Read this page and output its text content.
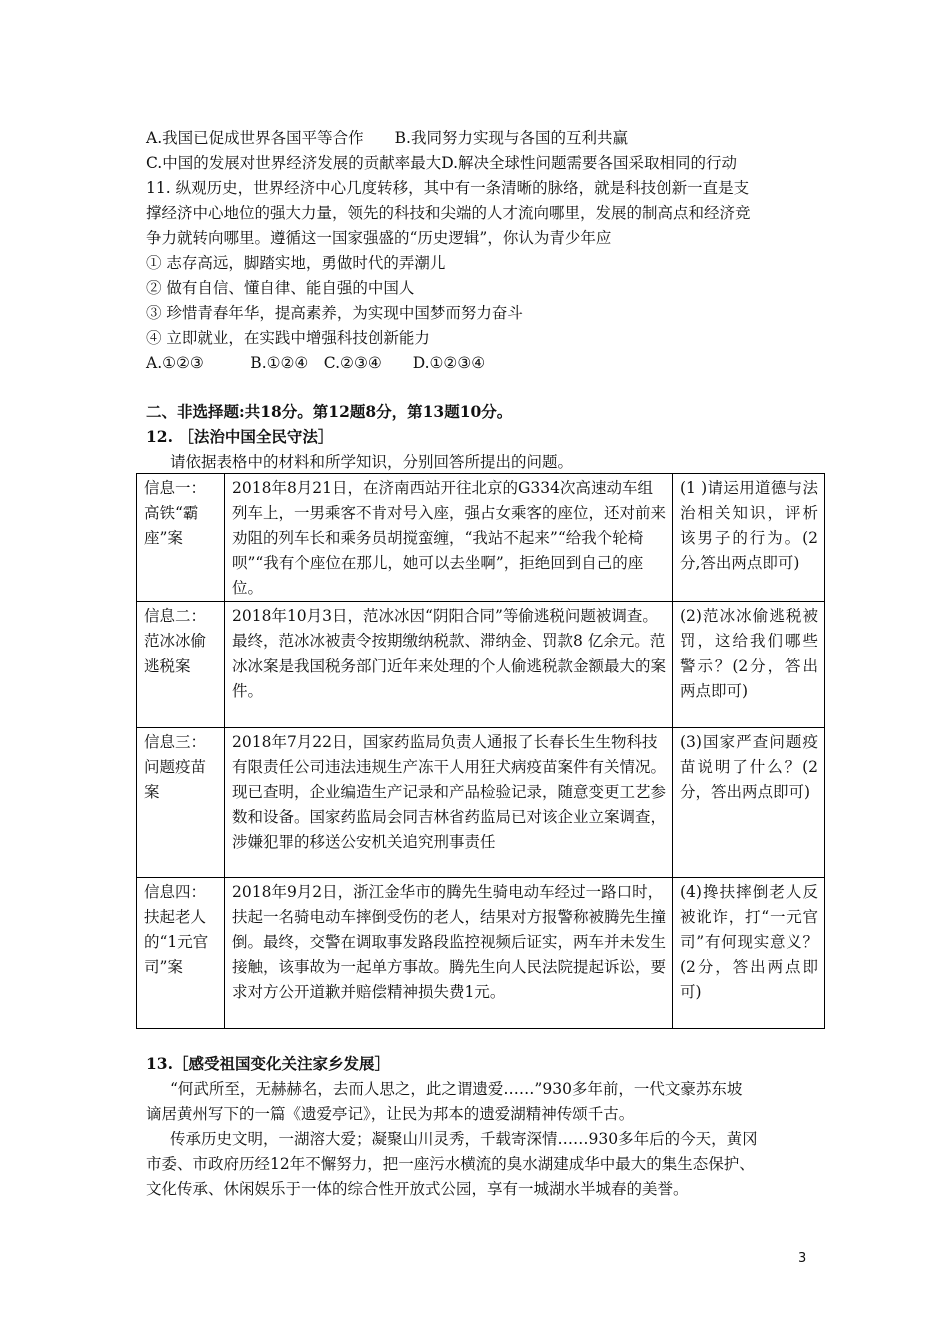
A.我国已促成世界各国平等合作　　B.我同努力实现与各国的互利共赢
C.中国的发展对世界经济发展的贡献率最大D.解决全球性问题需要各国采取相同的行动
11. 纵观历史，世界经济中心几度转移，其中有一条清晰的脉络，就是科技创新一直是支
撑经济中心地位的强大力量，领先的科技和尖端的人才流向哪里，发展的制高点和经济竞
争力就转向哪里。遵循这一国家强盛的“历史逻辑”，你认为青少年应
① 志存高远，脚踏实地，勇做时代的弄潮儿
② 做有自信、懂自律、能自强的中国人
③ 珍惜青春年华，提高素养，为实现中国梦而努力奋斗
④ 立即就业，在实践中增强科技创新能力
A.①②③　　　B.①②④　C.②③④　　D.①②③④
二、非选择题:共18分。第12题8分，第13题10分。
12. ［法治中国全民守法］
请依据表格中的材料和所学知识，分别回答所提出的问题。
信息一：高铁“霸座”案	2018年8月21日，在济南西站开往北京的G334次高速动车组列车上，一男乘客不肯对号入座，强占女乘客的座位，还对前来劝阻的列车长和乘务员胡搅蛮缠，“我站不起来”“给我个轮椅呗”“我有个座位在那儿，她可以去坐啊”，拒绝回到自己的座位。	(1 )请运用道德与法治相关知识，评析该男子的行为。(2分,答出两点即可)
信息二：范冰冰偷逃税案	2018年10月3日，范冰冰因“阴阳合同”等偷逃税问题被调查。最终，范冰冰被责令按期缴纳税款、滞纳金、罚款8 亿余元。范冰冰案是我国税务部门近年来处理的个人偷逃税款金额最大的案件。	(2)范冰冰偷逃税被罚，这给我们哪些警示？(2分，答出两点即可)
信息三：问题疫苗案	2018年7月22日，国家药监局负责人通报了长春长生生物科技有限责任公司违法违规生产冻干人用狂犬病疫苗案件有关情况。现已查明，企业编造生产记录和产品检验记录，随意变更工艺参数和设备。国家药监局会同吉林省药监局已对该企业立案调查，涉嫌犯罪的移送公安机关追究刑事责任	(3)国家严查问题疫苗说明了什么？(2 分，答出两点即可)
信息四：扶起老人的“1元官司”案	2018年9月2日，浙江金华市的腾先生骑电动车经过一路口时，扶起一名骑电动车摔倒受伤的老人，结果对方报警称被腾先生撞倒。最终，交警在调取事发路段监控视频后证实，两车并未发生接触，该事故为一起单方事故。腾先生向人民法院提起诉讼，要求对方公开道歉并赔偿精神损失费1元。	(4)搀扶摔倒老人反被讹诈，打“一元官司”有何现实意义？(2分，答出两点即可)
13.［感受祖国变化关注家乡发展］
“何武所至，无赫赫名，去而人思之，此之谓遗爱……”930多年前，一代文豪苏东坡
谪居黄州写下的一篇《遗爱亭记》，让民为邦本的遗爱湖精神传颂千古。
传承历史文明，一湖溶大爱；凝聚山川灵秀，千载寄深情……930多年后的今天，黄冈
市委、市政府历经12年不懈努力，把一座污水横流的臭水湖建成华中最大的集生态保护、
文化传承、休闲娱乐于一体的综合性开放式公园，享有一城湖水半城春的美誉。
3
